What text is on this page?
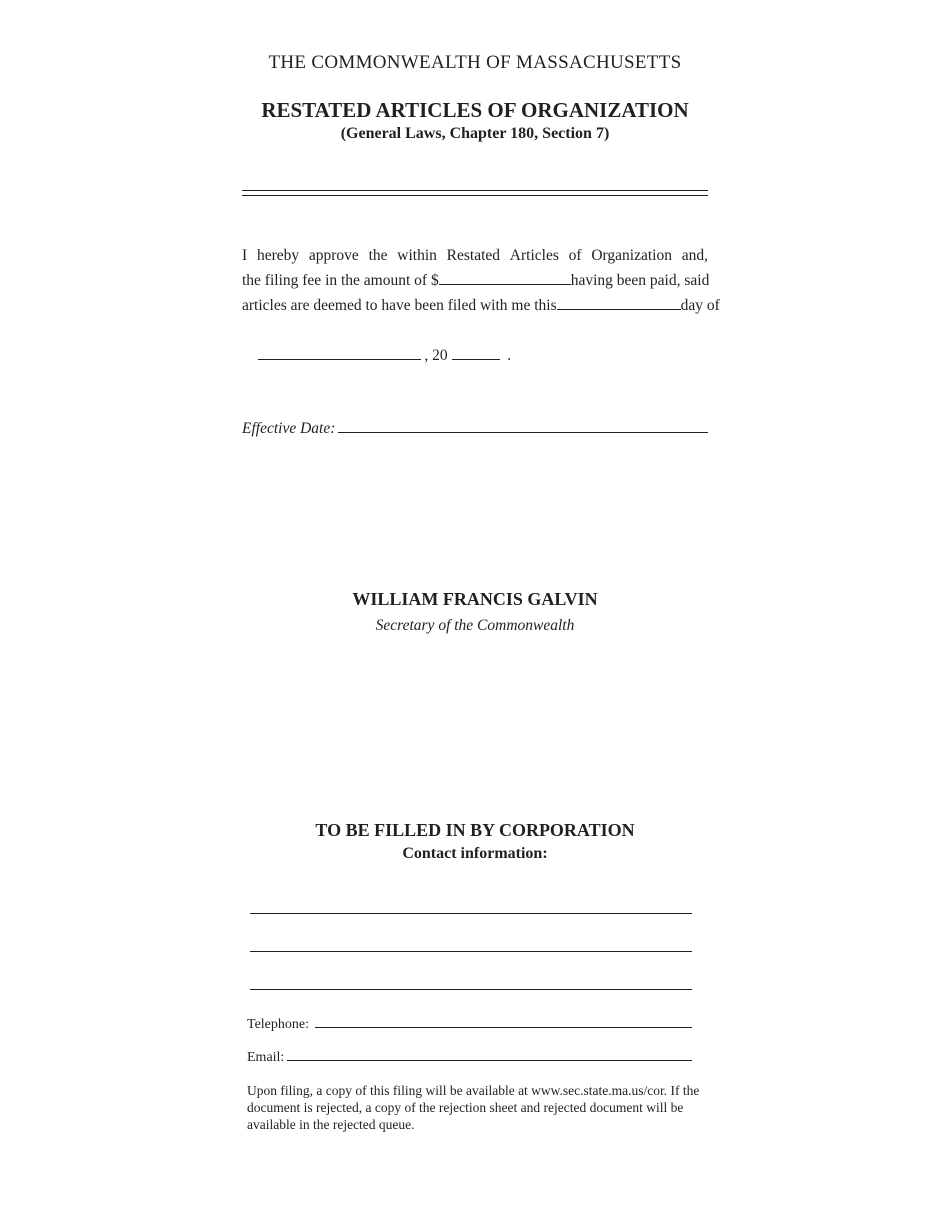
THE COMMONWEALTH OF MASSACHUSETTS
RESTATED ARTICLES OF ORGANIZATION
(General Laws, Chapter 180, Section 7)
I hereby approve the within Restated Articles of Organization and,
the filing fee in the amount of $	having been paid, said
articles are deemed to have been filed with me this	day of

, 20	.

Effective Date:
WILLIAM FRANCIS GALVIN
Secretary of the Commonwealth
TO BE FILLED IN BY CORPORATION
Contact information:
Telephone:
Email:
Upon filing, a copy of this filing will be available at www.sec.state.ma.us/cor. If the document is rejected, a copy of the rejection sheet and rejected document will be available in the rejected queue.
